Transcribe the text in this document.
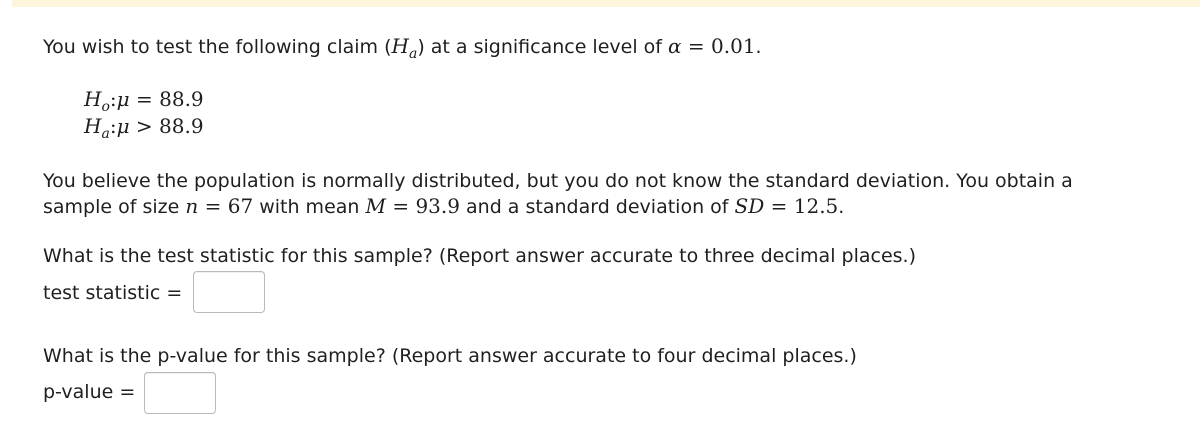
You wish to test the following claim $(H_a)$ at a significance level of α = 0.01.
$H_o:\mu = 88.9$
$H_a:\mu > 88.9$
You believe the population is normally distributed, but you do not know the standard deviation. You obtain a
sample of size n = 67 with mean M = 93.9 and a standard deviation of SD = 12.5.
What is the test statistic for this sample? (Report answer accurate to three decimal places.)
test statistic =
What is the p-value for this sample? (Report answer accurate to four decimal places.)
p-value =
